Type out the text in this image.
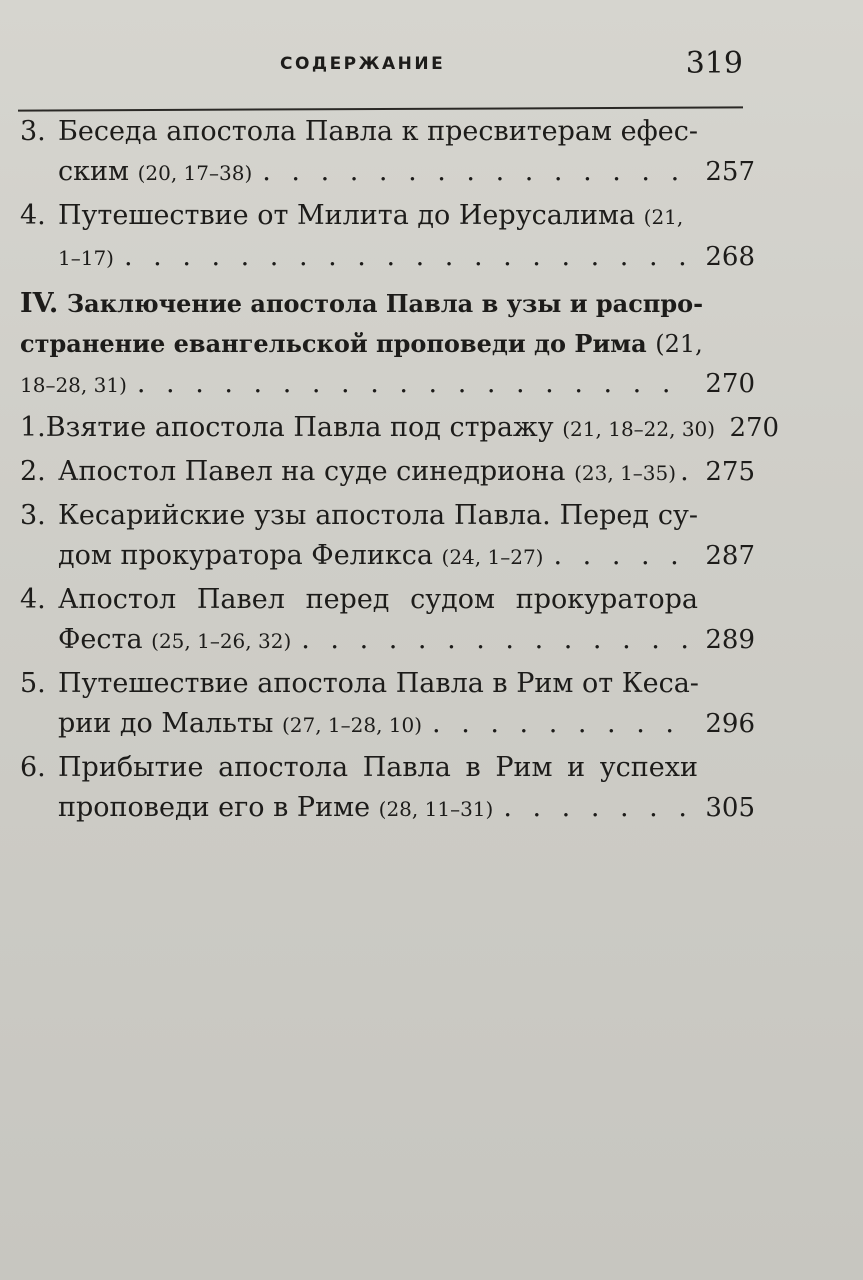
СОДЕРЖАНИЕ	319
3. Беседа апостола Павла к пресвитерам ефес-
ским
(20, 17–38) . . .	257
4. Путешествие от Милита до Иерусалима
(21,
1–17) . . .	268
IV.
Заключение апостола Павла в узы и распро-
странение евангельской проповеди до Рима
(21,
18–28, 31) . . .	270
1. Взятие апостола Павла под стражу
(21, 18–22, 30) 270
2. Апостол Павел на суде синедриона
(23, 1–35) . . . 275
3. Кесарийские узы апостола Павла. Перед су-
дом прокуратора Феликса
(24, 1–27) . . .	287
4. Апостол Павел перед судом прокуратора
Феста
(25, 1–26, 32) . . .	289
5. Путешествие апостола Павла в Рим от Кеса-
рии до Мальты
(27, 1–28, 10) . . .	296
6. Прибытие апостола Павла в Рим и успехи
проповеди его в Риме
(28, 11–31) . . .	305
